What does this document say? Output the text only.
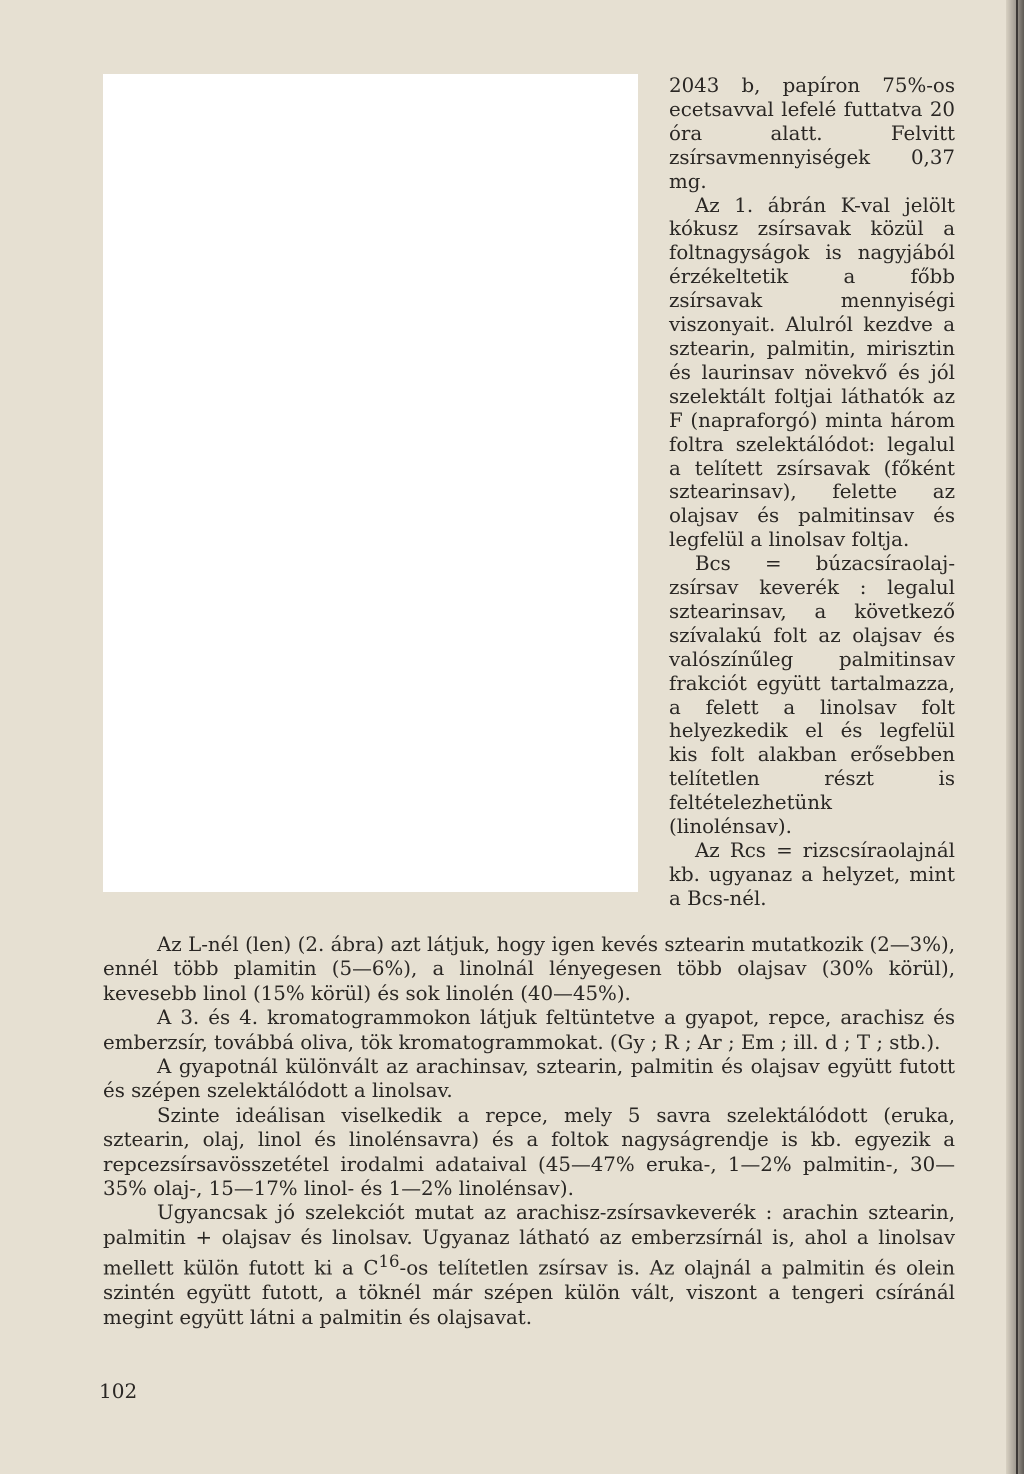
2043 b, papíron 75%-os ecetsavval lefelé futtatva 20 óra alatt. Felvitt zsírsavmennyiségek 0,37 mg.

Az 1. ábrán K-val jelölt kókusz zsírsavak közül a foltnagyságok is nagyjából érzékeltetik a főbb zsírsavak mennyiségi viszonyait. Alulról kezdve a sztearin, palmitin, mirisztin és laurinsav növekvő és jól szelektált foltjai láthatók az F (napraforgó) minta három foltra szelektálódot: legalul a telített zsírsavak (főként sztearinsav), felette az olajsav és palmitinsav és legfelül a linolsav foltja.

Bcs = búzacsíraolaj-zsírsav keverék : legalul sztearinsav, a következő szívalakú folt az olajsav és valószínűleg palmitinsav frakciót együtt tartalmazza, a felett a linolsav folt helyezkedik el és legfelül kis folt alakban erősebben telítetlen részt is feltételezhetünk (linolénsav).

Az Rcs = rizscsíraolajnál kb. ugyanaz a helyzet, mint a Bcs-nél.

Az L-nél (len) (2. ábra) azt látjuk, hogy igen kevés sztearin mutatkozik (2—3%), ennél több plamitin (5—6%), a linolnál lényegesen több olajsav (30% körül), kevesebb linol (15% körül) és sok linolén (40—45%).

A 3. és 4. kromatogrammokon látjuk feltüntetve a gyapot, repce, arachisz és emberzsír, továbbá oliva, tök kromatogrammokat. (Gy ; R ; Ar ; Em ; ill. d ; T ; stb.).

A gyapotnál különvált az arachinsav, sztearin, palmitin és olajsav együtt futott és szépen szelektálódott a linolsav.

Szinte ideálisan viselkedik a repce, mely 5 savra szelektálódott (eruka, sztearin, olaj, linol és linolénsavra) és a foltok nagyságrendje is kb. egyezik a repcezsírsavösszetétel irodalmi adataival (45—47% eruka-, 1—2% palmitin-, 30—35% olaj-, 15—17% linol- és 1—2% linolénsav).

Ugyancsak jó szelekciót mutat az arachisz-zsírsavkeverék : arachin sztearin, palmitin + olajsav és linolsav. Ugyanaz látható az emberzsírnál is, ahol a linolsav mellett külön futott ki a $C^{16}-os$ telítetlen zsírsav is. Az olajnál a palmitin és olein szintén együtt futott, a töknél már szépen külön vált, viszont a tengeri csíránál megint együtt látni a palmitin és olajsavat.

102
